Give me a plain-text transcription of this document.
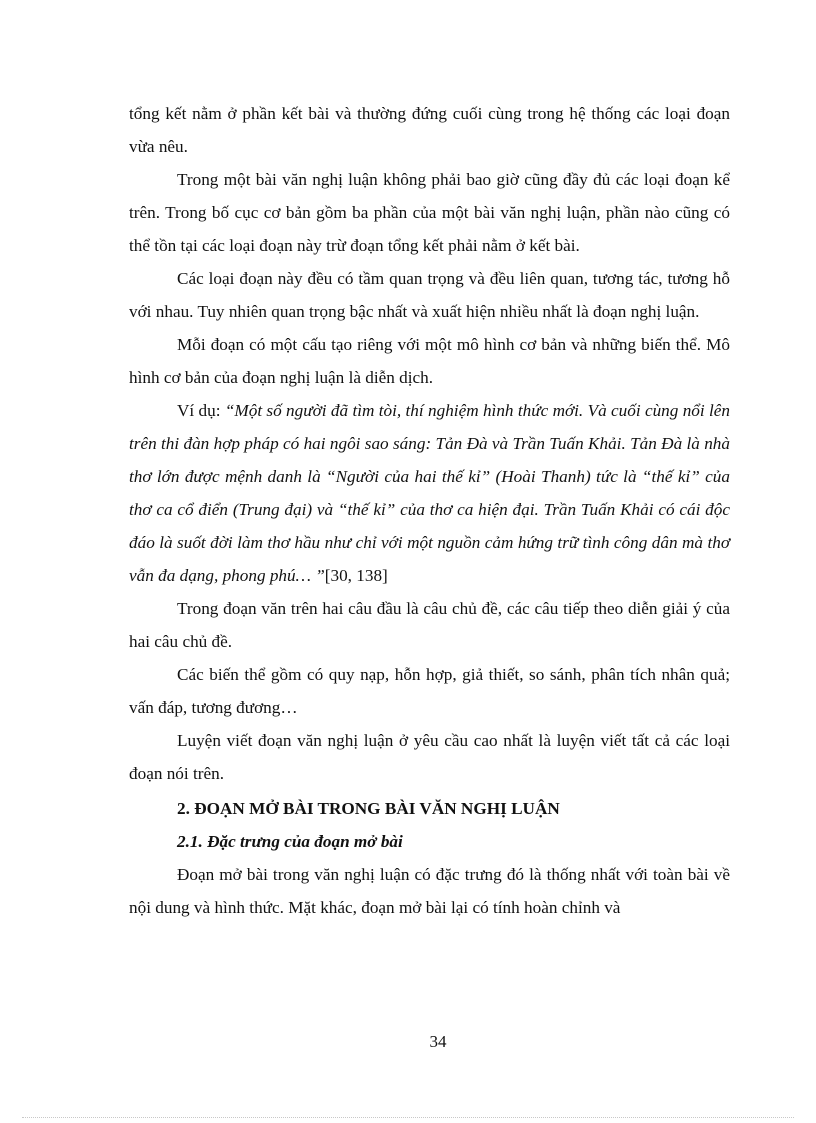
tổng kết nằm ở phần kết bài và thường đứng cuối cùng trong hệ thống các loại đoạn vừa nêu.

Trong một bài văn nghị luận không phải bao giờ cũng đầy đủ các loại đoạn kể trên. Trong bố cục cơ bản gồm ba phần của một bài văn nghị luận, phần nào cũng có thể tồn tại các loại đoạn này trừ đoạn tổng kết phải nằm ở kết bài.

Các loại đoạn này đều có tầm quan trọng và đều liên quan, tương tác, tương hỗ với nhau. Tuy nhiên quan trọng bậc nhất và xuất hiện nhiều nhất là đoạn nghị luận.

Mỗi đoạn có một cấu tạo riêng với một mô hình cơ bản và những biến thể. Mô hình cơ bản của đoạn nghị luận là diễn dịch.

Ví dụ: “Một số người đã tìm tòi, thí nghiệm hình thức mới. Và cuối cùng nổi lên trên thi đàn hợp pháp có hai ngôi sao sáng: Tản Đà và Trần Tuấn Khải. Tản Đà là nhà thơ lớn được mệnh danh là “Người của hai thế kỉ” (Hoài Thanh) tức là “thế kỉ” của thơ ca cổ điển (Trung đại) và “thế kỉ” của thơ ca hiện đại. Trần Tuấn Khải có cái độc đáo là suốt đời làm thơ hầu như chỉ với một nguồn cảm hứng trữ tình công dân mà thơ vẫn đa dạng, phong phú… ”[30, 138]

Trong đoạn văn trên hai câu đầu là câu chủ đề, các câu tiếp theo diễn giải ý của hai câu chủ đề.

Các biến thể gồm có quy nạp, hỗn hợp, giả thiết, so sánh, phân tích nhân quả; vấn đáp, tương đương…

Luyện viết đoạn văn nghị luận ở yêu cầu cao nhất là luyện viết tất cả các loại đoạn nói trên.

2. ĐOẠN MỞ BÀI TRONG BÀI VĂN NGHỊ LUẬN

2.1. Đặc trưng của đoạn mở bài

Đoạn mở bài trong văn nghị luận có đặc trưng đó là thống nhất với toàn bài về nội dung và hình thức. Mặt khác, đoạn mở bài lại có tính hoàn chỉnh và

34
